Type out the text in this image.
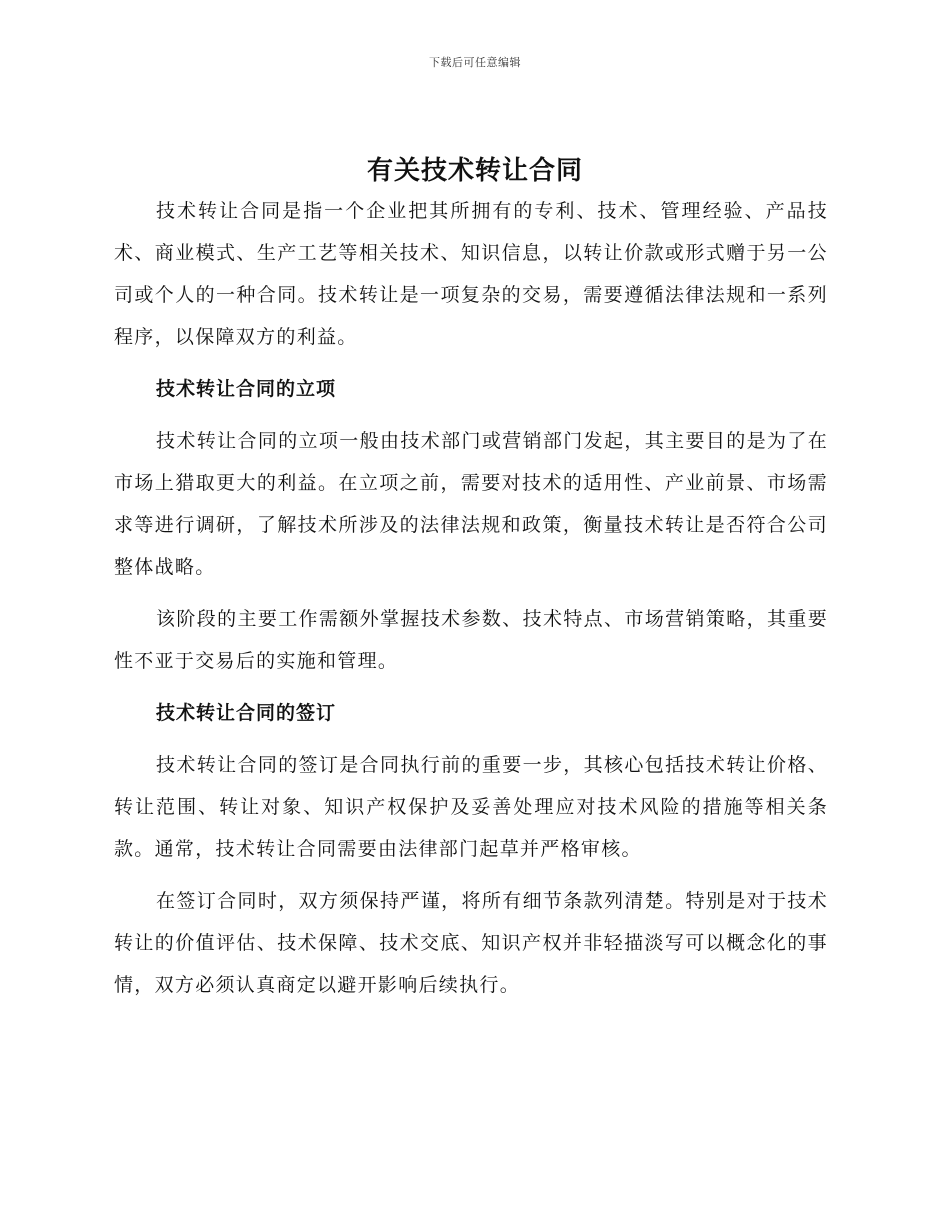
下载后可任意编辑
有关技术转让合同

技术转让合同是指一个企业把其所拥有的专利、技术、管理经验、产品技术、商业模式、生产工艺等相关技术、知识信息，以转让价款或形式赠于另一公司或个人的一种合同。技术转让是一项复杂的交易，需要遵循法律法规和一系列程序，以保障双方的利益。

技术转让合同的立项

技术转让合同的立项一般由技术部门或营销部门发起，其主要目的是为了在市场上猎取更大的利益。在立项之前，需要对技术的适用性、产业前景、市场需求等进行调研，了解技术所涉及的法律法规和政策，衡量技术转让是否符合公司整体战略。

该阶段的主要工作需额外掌握技术参数、技术特点、市场营销策略，其重要性不亚于交易后的实施和管理。

技术转让合同的签订

技术转让合同的签订是合同执行前的重要一步，其核心包括技术转让价格、转让范围、转让对象、知识产权保护及妥善处理应对技术风险的措施等相关条款。通常，技术转让合同需要由法律部门起草并严格审核。

在签订合同时，双方须保持严谨，将所有细节条款列清楚。特别是对于技术转让的价值评估、技术保障、技术交底、知识产权并非轻描淡写可以概念化的事情，双方必须认真商定以避开影响后续执行。
